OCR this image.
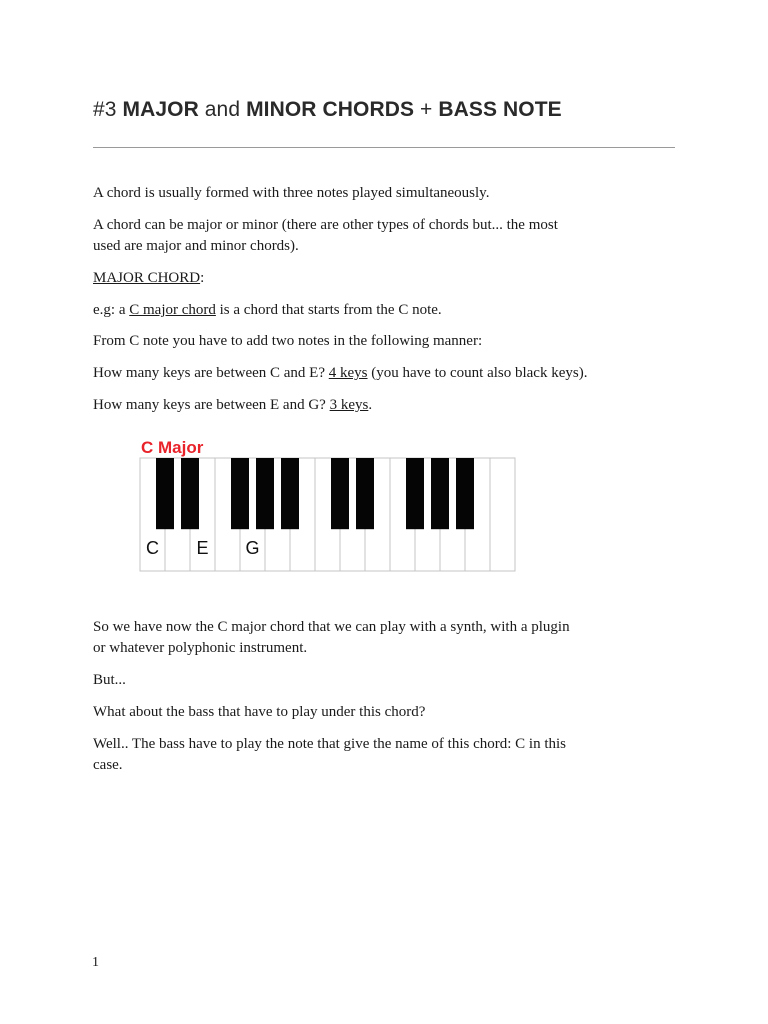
#3 MAJOR and MINOR CHORDS + BASS NOTE

A chord is usually formed with three notes played simultaneously.

A chord can be major or minor (there are other types of chords but... the most
used are major and minor chords).

MAJOR CHORD:

e.g: a C major chord is a chord that starts from the C note.

From C note you have to add two notes in the following manner:

How many keys are between C and E? 4 keys (you have to count also black keys).

How many keys are between E and G? 3 keys.

C Major
C E G

So we have now the C major chord that we can play with a synth, with a plugin
or whatever polyphonic instrument.

But...

What about the bass that have to play under this chord?

Well.. The bass have to play the note that give the name of this chord: C in this
case.

1
